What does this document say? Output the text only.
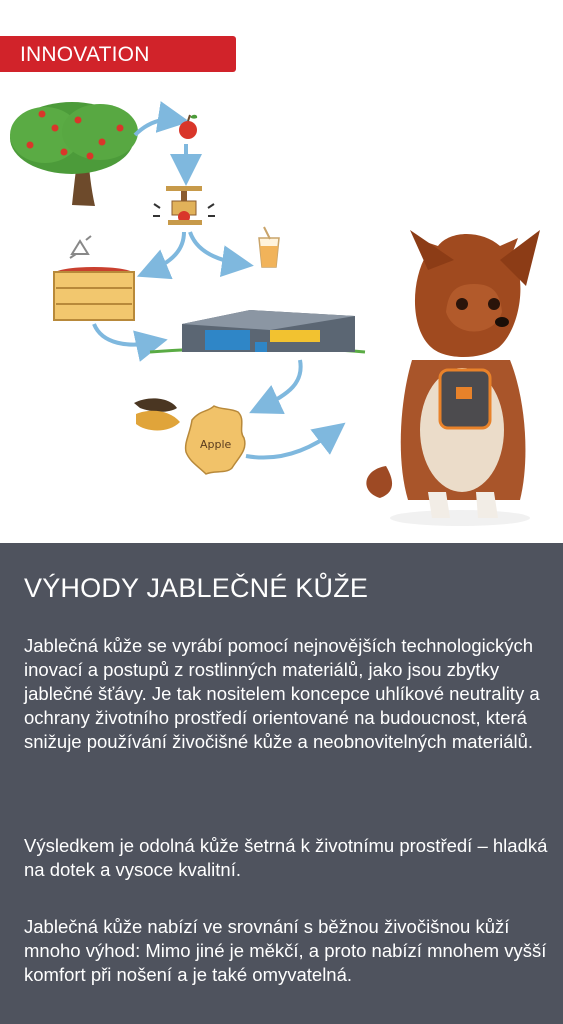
INNOVATION
Apple
VÝHODY JABLEČNÉ KŮŽE

Jablečná kůže se vyrábí pomocí nejnovějších technologických inovací a postupů z rostlinných materiálů, jako jsou zbytky jablečné šťávy. Je tak nositelem koncepce uhlíkové neutrality a ochrany životního prostředí orientované na budoucnost, která snižuje používání živočišné kůže a neobnovitelných materiálů.

Výsledkem je odolná kůže šetrná k životnímu prostředí – hladká na dotek a vysoce kvalitní.

Jablečná kůže nabízí ve srovnání s běžnou živočišnou kůží mnoho výhod: Mimo jiné je měkčí, a proto nabízí mnohem vyšší komfort při nošení a je také omyvatelná.
